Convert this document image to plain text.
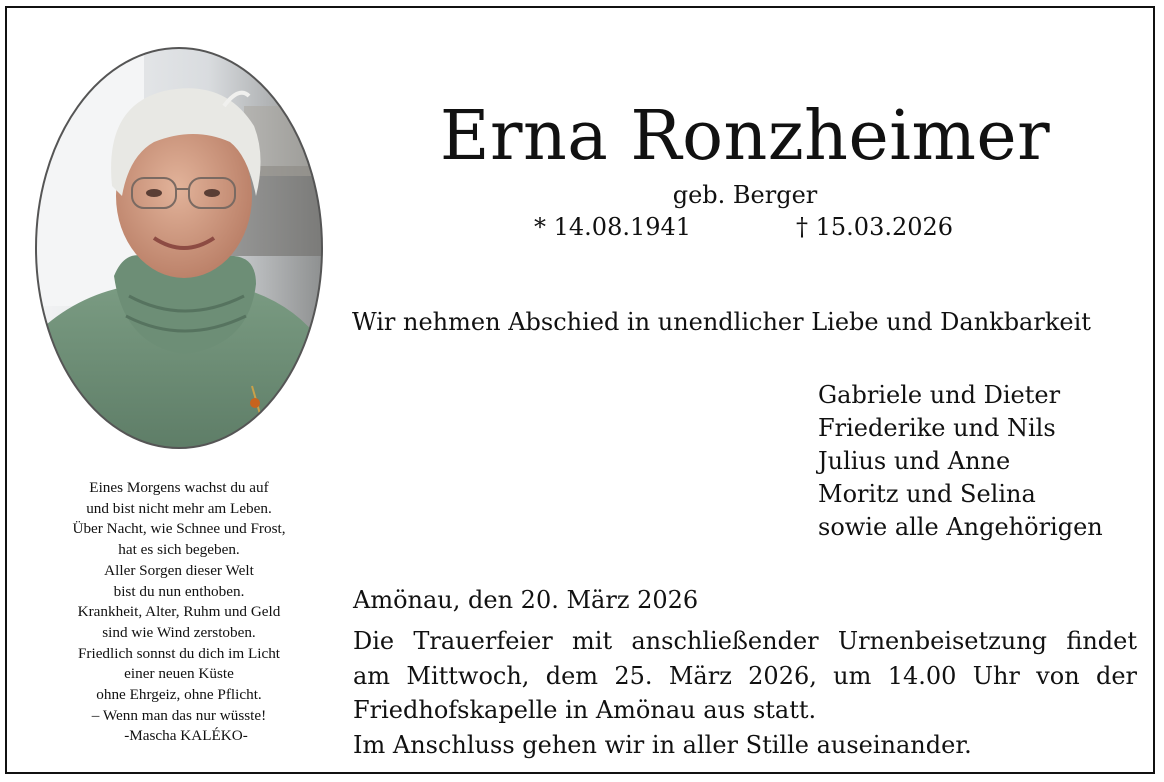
Eines Morgens wachst du auf
und bist nicht mehr am Leben.
Über Nacht, wie Schnee und Frost,
hat es sich begeben.
Aller Sorgen dieser Welt
bist du nun enthoben.
Krankheit, Alter, Ruhm und Geld
sind wie Wind zerstoben.
Friedlich sonnst du dich im Licht
einer neuen Küste
ohne Ehrgeiz, ohne Pflicht.
– Wenn man das nur wüsste!
-Mascha KALÉKO-
Erna Ronzheimer
geb. Berger
* 14.08.1941	† 15.03.2026
Wir nehmen Abschied in unendlicher Liebe und Dankbarkeit
Gabriele und Dieter
Friederike und Nils
Julius und Anne
Moritz und Selina
sowie alle Angehörigen
Amönau, den 20. März 2026
Die Trauerfeier mit anschließender Urnenbeisetzung findet
am Mittwoch, dem 25. März 2026, um 14.00 Uhr von der
Friedhofskapelle in Amönau aus statt.
Im Anschluss gehen wir in aller Stille auseinander.
